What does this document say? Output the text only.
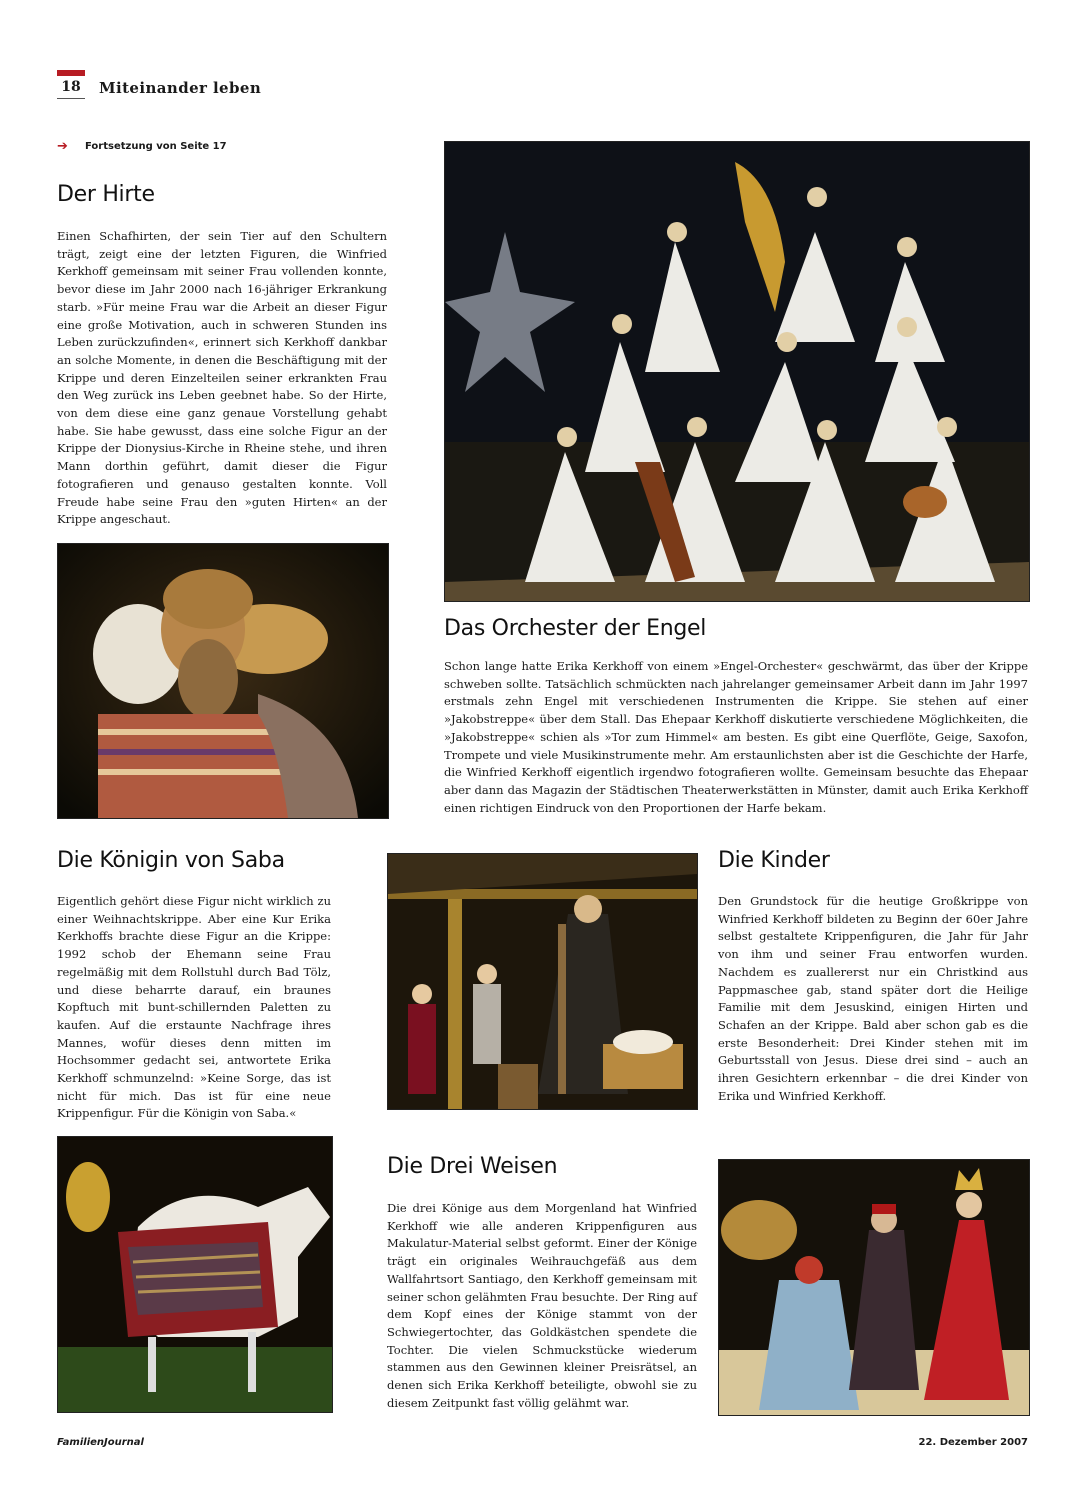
18 Miteinander leben
➔ Fortsetzung von Seite 17
Der Hirte
Einen Schafhirten, der sein Tier auf den Schultern trägt, zeigt eine der letzten Figuren, die Winfried Kerkhoff gemeinsam mit seiner Frau vollenden konnte, bevor diese im Jahr 2000 nach 16-jähriger Erkrankung starb. »Für meine Frau war die Arbeit an dieser Figur eine große Motivation, auch in schweren Stunden ins Leben zurückzufinden«, erinnert sich Kerkhoff dankbar an solche Momente, in denen die Beschäftigung mit der Krippe und deren Einzelteilen seiner erkrankten Frau den Weg zurück ins Leben geebnet habe. So der Hirte, von dem diese eine ganz genaue Vorstellung gehabt habe. Sie habe gewusst, dass eine solche Figur an der Krippe der Dionysius-Kirche in Rheine stehe, und ihren Mann dorthin geführt, damit dieser die Figur fotografieren und genauso gestalten konnte. Voll Freude habe seine Frau den »guten Hirten« an der Krippe angeschaut.
Das Orchester der Engel
Schon lange hatte Erika Kerkhoff von einem »Engel-Orchester« geschwärmt, das über der Krippe schweben sollte. Tatsächlich schmückten nach jahrelanger gemeinsamer Arbeit dann im Jahr 1997 erstmals zehn Engel mit verschiedenen Instrumenten die Krippe. Sie stehen auf einer »Jakobstreppe« über dem Stall. Das Ehepaar Kerkhoff diskutierte verschiedene Möglichkeiten, die »Jakobstreppe« schien als »Tor zum Himmel« am besten. Es gibt eine Querflöte, Geige, Saxofon, Trompete und viele Musikinstrumente mehr. Am erstaunlichsten aber ist die Geschichte der Harfe, die Winfried Kerkhoff eigentlich irgendwo fotografieren wollte. Gemeinsam besuchte das Ehepaar aber dann das Magazin der Städtischen Theaterwerkstätten in Münster, damit auch Erika Kerkhoff einen richtigen Eindruck von den Proportionen der Harfe bekam.
Die Königin von Saba
Eigentlich gehört diese Figur nicht wirklich zu einer Weihnachtskrippe. Aber eine Kur Erika Kerkhoffs brachte diese Figur an die Krippe: 1992 schob der Ehemann seine Frau regelmäßig mit dem Rollstuhl durch Bad Tölz, und diese beharrte darauf, ein braunes Kopftuch mit bunt-schillernden Paletten zu kaufen. Auf die erstaunte Nachfrage ihres Mannes, wofür dieses denn mitten im Hochsommer gedacht sei, antwortete Erika Kerkhoff schmunzelnd: »Keine Sorge, das ist nicht für mich. Das ist für eine neue Krippenfigur. Für die Königin von Saba.«
Die Kinder
Den Grundstock für die heutige Großkrippe von Winfried Kerkhoff bildeten zu Beginn der 60er Jahre selbst gestaltete Krippenfiguren, die Jahr für Jahr von ihm und seiner Frau entworfen wurden. Nachdem es zuallererst nur ein Christkind aus Pappmaschee gab, stand später dort die Heilige Familie mit dem Jesuskind, einigen Hirten und Schafen an der Krippe. Bald aber schon gab es die erste Besonderheit: Drei Kinder stehen mit im Geburtsstall von Jesus. Diese drei sind – auch an ihren Gesichtern erkennbar – die drei Kinder von Erika und Winfried Kerkhoff.
Die Drei Weisen
Die drei Könige aus dem Morgenland hat Winfried Kerkhoff wie alle anderen Krippenfiguren aus Makulatur-Material selbst geformt. Einer der Könige trägt ein originales Weihrauchgefäß aus dem Wallfahrtsort Santiago, den Kerkhoff gemeinsam mit seiner schon gelähmten Frau besuchte. Der Ring auf dem Kopf eines der Könige stammt von der Schwiegertochter, das Goldkästchen spendete die Tochter. Die vielen Schmuckstücke wiederum stammen aus den Gewinnen kleiner Preisrätsel, an denen sich Erika Kerkhoff beteiligte, obwohl sie zu diesem Zeitpunkt fast völlig gelähmt war.
FamilienJournal	22. Dezember 2007
